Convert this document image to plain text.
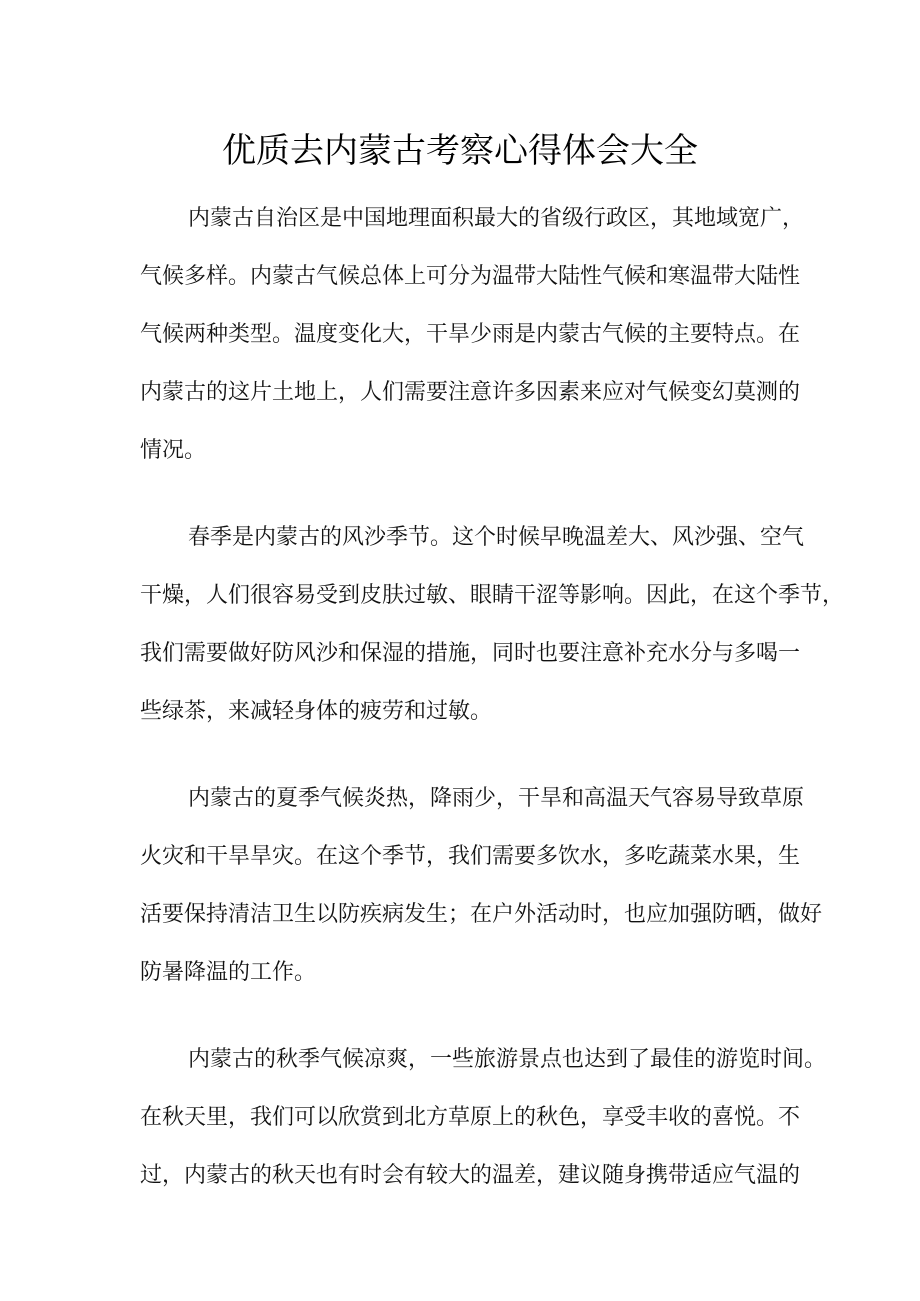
优质去内蒙古考察心得体会大全
内蒙古自治区是中国地理面积最大的省级行政区，其地域宽广，
气候多样。内蒙古气候总体上可分为温带大陆性气候和寒温带大陆性
气候两种类型。温度变化大，干旱少雨是内蒙古气候的主要特点。在
内蒙古的这片土地上，人们需要注意许多因素来应对气候变幻莫测的
情况。
春季是内蒙古的风沙季节。这个时候早晚温差大、风沙强、空气
干燥，人们很容易受到皮肤过敏、眼睛干涩等影响。因此，在这个季节，
我们需要做好防风沙和保湿的措施，同时也要注意补充水分与多喝一
些绿茶，来减轻身体的疲劳和过敏。
内蒙古的夏季气候炎热，降雨少，干旱和高温天气容易导致草原
火灾和干旱旱灾。在这个季节，我们需要多饮水，多吃蔬菜水果，生
活要保持清洁卫生以防疾病发生；在户外活动时，也应加强防晒，做好
防暑降温的工作。
内蒙古的秋季气候凉爽，一些旅游景点也达到了最佳的游览时间。
在秋天里，我们可以欣赏到北方草原上的秋色，享受丰收的喜悦。不
过，内蒙古的秋天也有时会有较大的温差，建议随身携带适应气温的
